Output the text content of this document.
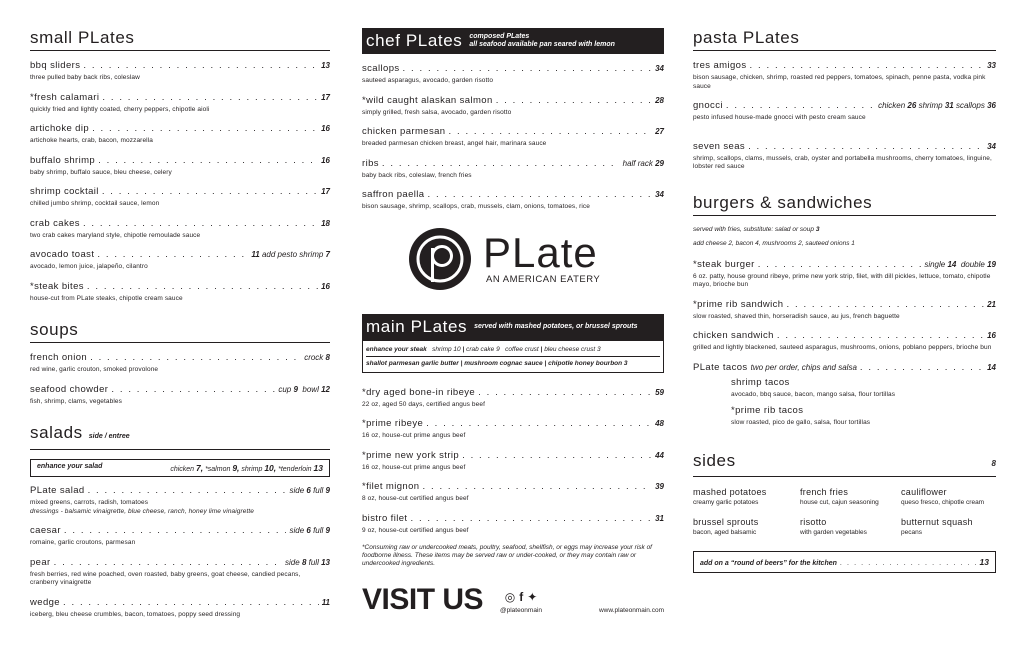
small PLates
bbq sliders . . .	13
three pulled baby back ribs, coleslaw
*fresh calamari . . .	17
quickly fried and lightly coated, cherry peppers, chipotle aioli
artichoke dip . . .	16
artichoke hearts, crab, bacon, mozzarella
buffalo shrimp . . .	16
baby shrimp, buffalo sauce, bleu cheese, celery
shrimp cocktail . . .	17
chilled jumbo shrimp, cocktail sauce, lemon
crab cakes . . .	18
two crab cakes maryland style, chipotle remoulade sauce
avocado toast . . .	11 add pesto shrimp 7
avocado, lemon juice, jalapeño, cilantro
*steak bites . . .	16
house-cut from PLate steaks, chipotle cream sauce
soups
french onion . . .	crock 8
red wine, garlic crouton, smoked provolone
seafood chowder . . .	cup 9 bowl 12
fish, shrimp, clams, vegetables
salads side / entree
enhance your salad	chicken 7, *salmon 9, shrimp 10, *tenderloin 13
PLate salad . . .	side 6 full 9
mixed greens, carrots, radish, tomatoes
dressings - balsamic vinaigrette, blue cheese, ranch, honey lime vinaigrette
caesar . . .	side 6 full 9
romaine, garlic croutons, parmesan
pear . . .	side 8 full 13
fresh berries, red wine poached, oven roasted, baby greens, goat cheese, candied pecans, cranberry vinaigrette
wedge . . .	11
iceberg, bleu cheese crumbles, bacon, tomatoes, poppy seed dressing
chef PLates composed PLates
all seafood available pan seared with lemon
scallops . . .	34
sauteed asparagus, avocado, garden risotto
*wild caught alaskan salmon . . .	28
simply grilled, fresh salsa, avocado, garden risotto
chicken parmesan . . .	27
breaded parmesan chicken breast, angel hair, marinara sauce
ribs . . .	half rack 29
baby back ribs, coleslaw, french fries
saffron paella . . .	34
bison sausage, shrimp, scallops, crab, mussels, clam, onions, tomatoes, rice
PLate
AN AMERICAN EATERY
main PLates served with mashed potatoes, or brussel sprouts
enhance your steak shrimp 10 | crab cake 9 coffee crust | bleu cheese crust 3
shallot parmesan garlic butter | mushroom cognac sauce | chipotle honey bourbon 3
*dry aged bone-in ribeye . . .	59
22 oz, aged 50 days, certified angus beef
*prime ribeye . . .	48
16 oz, house-cut prime angus beef
*prime new york strip . . .	44
16 oz, house-cut prime angus beef
*filet mignon . . .	39
8 oz, house-cut certified angus beef
bistro filet . . .	31
9 oz, house-cut certified angus beef
*Consuming raw or undercooked meats, poultry, seafood, shellfish, or eggs may increase your risk of foodborne illness. These items may be served raw or under-cooked, or they may contain raw or undercooked ingredients.
VISIT US ◎ f ✦
@plateonmain	www.plateonmain.com
pasta PLates
tres amigos . . .	33
bison sausage, chicken, shrimp, roasted red peppers, tomatoes, spinach, penne pasta, vodka pink sauce
gnocci . . .	chicken 26 shrimp 31 scallops 36
pesto infused house-made gnocci with pesto cream sauce
seven seas . . .	34
shrimp, scallops, clams, mussels, crab, oyster and portabella mushrooms, cherry tomatoes, linguine, lobster red sauce
burgers & sandwiches
served with fries, substitute: salad or soup 3
add cheese 2, bacon 4, mushrooms 2, sauteed onions 1
*steak burger . . .	single 14 double 19
6 oz. patty, house ground ribeye, prime new york strip, filet, with dill pickles, lettuce, tomato, chipotle mayo, brioche bun
*prime rib sandwich . . .	21
slow roasted, shaved thin, horseradish sauce, au jus, french baguette
chicken sandwich . . .	16
grilled and lightly blackened, sauteed asparagus, mushrooms, onions, poblano peppers, brioche bun
PLate tacos
two per order, chips and salsa . . .	14
shrimp tacos
avocado, bbq sauce, bacon, mango salsa, flour tortillas
*prime rib tacos
slow roasted, pico de gallo, salsa, flour tortillas
sides	8
mashed potatoes
creamy garlic potatoes
french fries
house cut, cajun seasoning
cauliflower
queso fresco, chipotle cream
brussel sprouts
bacon, aged balsamic
risotto
with garden vegetables
butternut squash
pecans
add on a “round of beers” for the kitchen . . .	13
